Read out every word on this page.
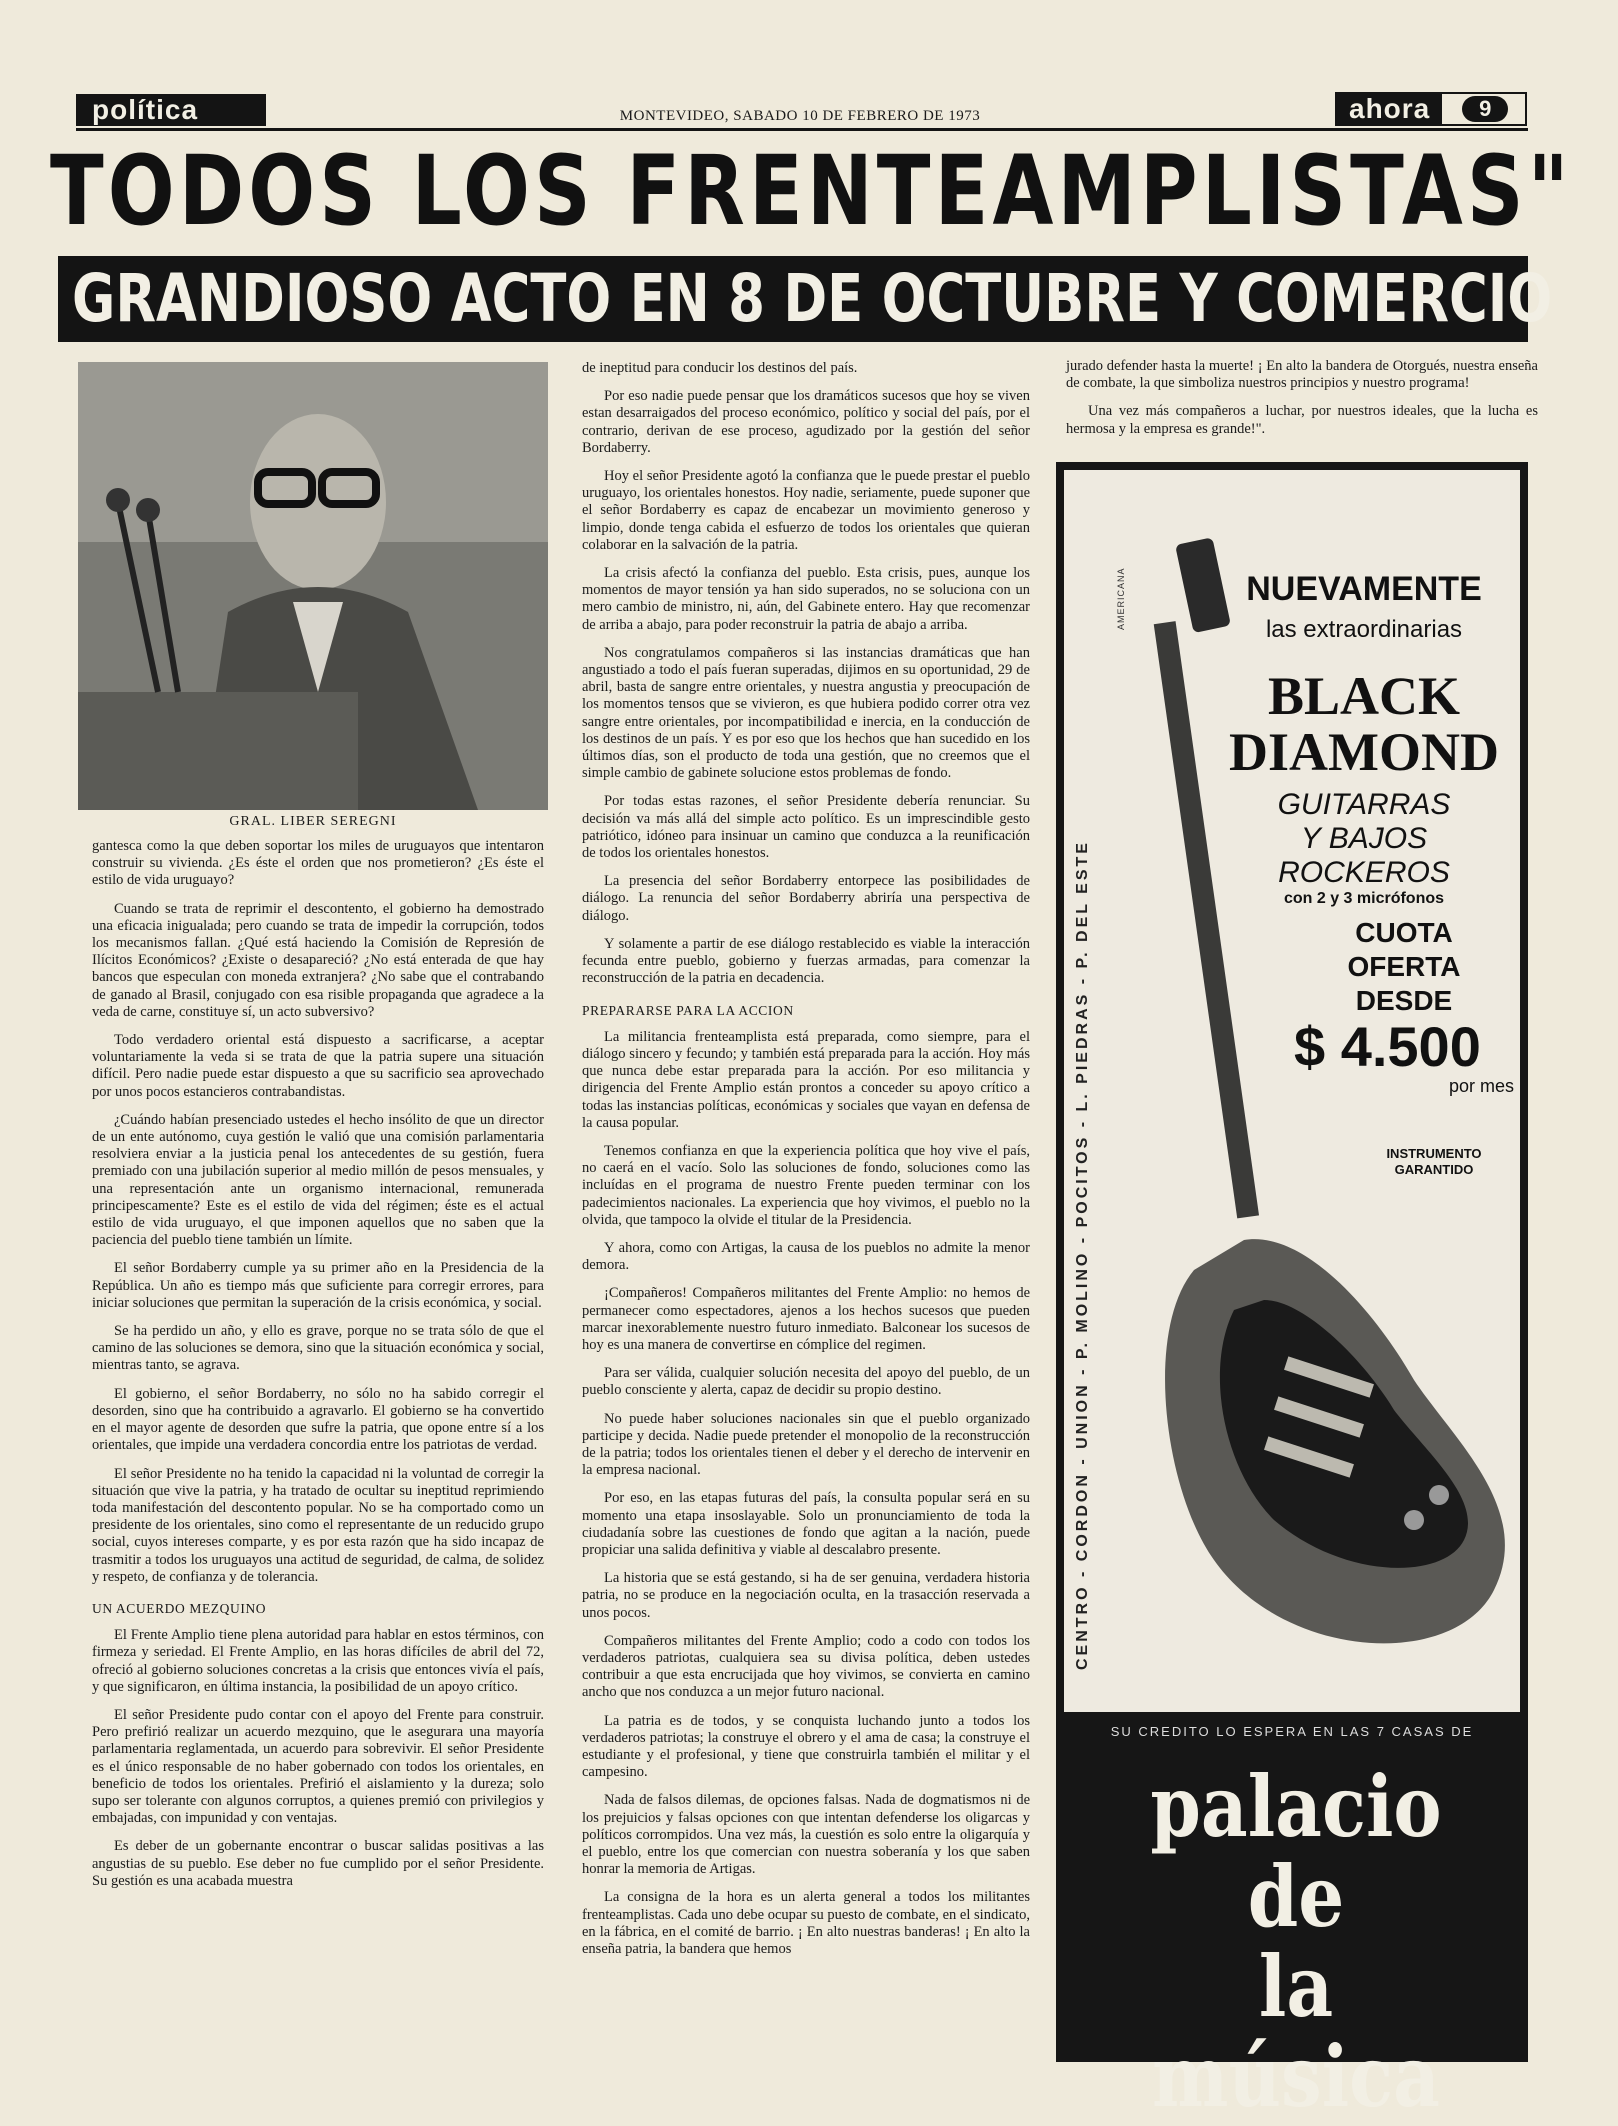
política	MONTEVIDEO, SABADO 10 DE FEBRERO DE 1973	ahora	9
TODOS LOS FRENTEAMPLISTAS"
GRANDIOSO ACTO EN 8 DE OCTUBRE Y COMERCIO
GRAL. LIBER SEREGNI

gantesca como la que deben soportar los miles de uruguayos que intentaron construir su vivienda. ¿Es éste el orden que nos prometieron? ¿Es éste el estilo de vida uruguayo?

Cuando se trata de reprimir el descontento, el gobierno ha demostrado una eficacia inigualada; pero cuando se trata de impedir la corrupción, todos los mecanismos fallan. ¿Qué está haciendo la Comisión de Represión de Ilícitos Económicos? ¿Existe o desapareció? ¿No está enterada de que hay bancos que especulan con moneda extranjera? ¿No sabe que el contrabando de ganado al Brasil, conjugado con esa risible propaganda que agradece a la veda de carne, constituye sí, un acto subversivo?

Todo verdadero oriental está dispuesto a sacrificarse, a aceptar voluntariamente la veda si se trata de que la patria supere una situación difícil. Pero nadie puede estar dispuesto a que su sacrificio sea aprovechado por unos pocos estancieros contrabandistas.

¿Cuándo habían presenciado ustedes el hecho insólito de que un director de un ente autónomo, cuya gestión le valió que una comisión parlamentaria resolviera enviar a la justicia penal los antecedentes de su gestión, fuera premiado con una jubilación superior al medio millón de pesos mensuales, y una representación ante un organismo internacional, remunerada principescamente? Este es el estilo de vida del régimen; éste es el actual estilo de vida uruguayo, el que imponen aquellos que no saben que la paciencia del pueblo tiene también un límite.

El señor Bordaberry cumple ya su primer año en la Presidencia de la República. Un año es tiempo más que suficiente para corregir errores, para iniciar soluciones que permitan la superación de la crisis económica, y social.

Se ha perdido un año, y ello es grave, porque no se trata sólo de que el camino de las soluciones se demora, sino que la situación económica y social, mientras tanto, se agrava.

El gobierno, el señor Bordaberry, no sólo no ha sabido corregir el desorden, sino que ha contribuido a agravarlo. El gobierno se ha convertido en el mayor agente de desorden que sufre la patria, que opone entre sí a los orientales, que impide una verdadera concordia entre los patriotas de verdad.

El señor Presidente no ha tenido la capacidad ni la voluntad de corregir la situación que vive la patria, y ha tratado de ocultar su ineptitud reprimiendo toda manifestación del descontento popular. No se ha comportado como un presidente de los orientales, sino como el representante de un reducido grupo social, cuyos intereses comparte, y es por esta razón que ha sido incapaz de trasmitir a todos los uruguayos una actitud de seguridad, de calma, de solidez y respeto, de confianza y de tolerancia.

UN ACUERDO MEZQUINO

El Frente Amplio tiene plena autoridad para hablar en estos términos, con firmeza y seriedad. El Frente Amplio, en las horas difíciles de abril del 72, ofreció al gobierno soluciones concretas a la crisis que entonces vivía el país, y que significaron, en última instancia, la posibilidad de un apoyo crítico.

El señor Presidente pudo contar con el apoyo del Frente para construir. Pero prefirió realizar un acuerdo mezquino, que le asegurara una mayoría parlamentaria reglamentada, un acuerdo para sobrevivir. El señor Presidente es el único responsable de no haber gobernado con todos los orientales, en beneficio de todos los orientales. Prefirió el aislamiento y la dureza; solo supo ser tolerante con algunos corruptos, a quienes premió con privilegios y embajadas, con impunidad y con ventajas.

Es deber de un gobernante encontrar o buscar salidas positivas a las angustias de su pueblo. Ese deber no fue cumplido por el señor Presidente. Su gestión es una acabada muestra

de ineptitud para conducir los destinos del país.

Por eso nadie puede pensar que los dramáticos sucesos que hoy se viven estan desarraigados del proceso económico, político y social del país, por el contrario, derivan de ese proceso, agudizado por la gestión del señor Bordaberry.

Hoy el señor Presidente agotó la confianza que le puede prestar el pueblo uruguayo, los orientales honestos. Hoy nadie, seriamente, puede suponer que el señor Bordaberry es capaz de encabezar un movimiento generoso y limpio, donde tenga cabida el esfuerzo de todos los orientales que quieran colaborar en la salvación de la patria.

La crisis afectó la confianza del pueblo. Esta crisis, pues, aunque los momentos de mayor tensión ya han sido superados, no se soluciona con un mero cambio de ministro, ni, aún, del Gabinete entero. Hay que recomenzar de arriba a abajo, para poder reconstruir la patria de abajo a arriba.

Nos congratulamos compañeros si las instancias dramáticas que han angustiado a todo el país fueran superadas, dijimos en su oportunidad, 29 de abril, basta de sangre entre orientales, y nuestra angustia y preocupación de los momentos tensos que se vivieron, es que hubiera podido correr otra vez sangre entre orientales, por incompatibilidad e inercia, en la conducción de los destinos de un país. Y es por eso que los hechos que han sucedido en los últimos días, son el producto de toda una gestión, que no creemos que el simple cambio de gabinete solucione estos problemas de fondo.

Por todas estas razones, el señor Presidente debería renunciar. Su decisión va más allá del simple acto político. Es un imprescindible gesto patriótico, idóneo para insinuar un camino que conduzca a la reunificación de todos los orientales honestos.

La presencia del señor Bordaberry entorpece las posibilidades de diálogo. La renuncia del señor Bordaberry abriría una perspectiva de diálogo.

Y solamente a partir de ese diálogo restablecido es viable la interacción fecunda entre pueblo, gobierno y fuerzas armadas, para comenzar la reconstrucción de la patria en decadencia.

PREPARARSE PARA LA ACCION

La militancia frenteamplista está preparada, como siempre, para el diálogo sincero y fecundo; y también está preparada para la acción. Hoy más que nunca debe estar preparada para la acción. Por eso militancia y dirigencia del Frente Amplio están prontos a conceder su apoyo crítico a todas las instancias políticas, económicas y sociales que vayan en defensa de la causa popular.

Tenemos confianza en que la experiencia política que hoy vive el país, no caerá en el vacío. Solo las soluciones de fondo, soluciones como las incluídas en el programa de nuestro Frente pueden terminar con los padecimientos nacionales. La experiencia que hoy vivimos, el pueblo no la olvida, que tampoco la olvide el titular de la Presidencia.

Y ahora, como con Artigas, la causa de los pueblos no admite la menor demora.

¡Compañeros! Compañeros militantes del Frente Amplio: no hemos de permanecer como espectadores, ajenos a los hechos sucesos que pueden marcar inexorablemente nuestro futuro inmediato. Balconear los sucesos de hoy es una manera de convertirse en cómplice del regimen.

Para ser válida, cualquier solución necesita del apoyo del pueblo, de un pueblo consciente y alerta, capaz de decidir su propio destino.

No puede haber soluciones nacionales sin que el pueblo organizado participe y decida. Nadie puede pretender el monopolio de la reconstrucción de la patria; todos los orientales tienen el deber y el derecho de intervenir en la empresa nacional.

Por eso, en las etapas futuras del país, la consulta popular será en su momento una etapa insoslayable. Solo un pronunciamiento de toda la ciudadanía sobre las cuestiones de fondo que agitan a la nación, puede propiciar una salida definitiva y viable al descalabro presente.

La historia que se está gestando, si ha de ser genuina, verdadera historia patria, no se produce en la negociación oculta, en la trasacción reservada a unos pocos.

Compañeros militantes del Frente Amplio; codo a codo con todos los verdaderos patriotas, cualquiera sea su divisa política, deben ustedes contribuir a que esta encrucijada que hoy vivimos, se convierta en camino ancho que nos conduzca a un mejor futuro nacional.

La patria es de todos, y se conquista luchando junto a todos los verdaderos patriotas; la construye el obrero y el ama de casa; la construye el estudiante y el profesional, y tiene que construirla también el militar y el campesino.

Nada de falsos dilemas, de opciones falsas. Nada de dogmatismos ni de los prejuicios y falsas opciones con que intentan defenderse los oligarcas y políticos corrompidos. Una vez más, la cuestión es solo entre la oligarquía y el pueblo, entre los que comercian con nuestra soberanía y los que saben honrar la memoria de Artigas.

La consigna de la hora es un alerta general a todos los militantes frenteamplistas. Cada uno debe ocupar su puesto de combate, en el sindicato, en la fábrica, en el comité de barrio. ¡ En alto nuestras banderas! ¡ En alto la enseña patria, la bandera que hemos

jurado defender hasta la muerte! ¡ En alto la bandera de Otorgués, nuestra enseña de combate, la que simboliza nuestros principios y nuestro programa!

Una vez más compañeros a luchar, por nuestros ideales, que la lucha es hermosa y la empresa es grande!".

AMERICANA
CENTRO - CORDON - UNION - P. MOLINO - POCITOS - L. PIEDRAS - P. DEL ESTE
NUEVAMENTE
las extraordinarias
BLACK
DIAMOND
GUITARRAS
Y BAJOS
ROCKEROS
con 2 y 3 micrófonos
CUOTA
OFERTA
DESDE
$ 4.500
por mes
INSTRUMENTO
GARANTIDO
SU CREDITO LO ESPERA EN LAS 7 CASAS DE
palacio de
la música
